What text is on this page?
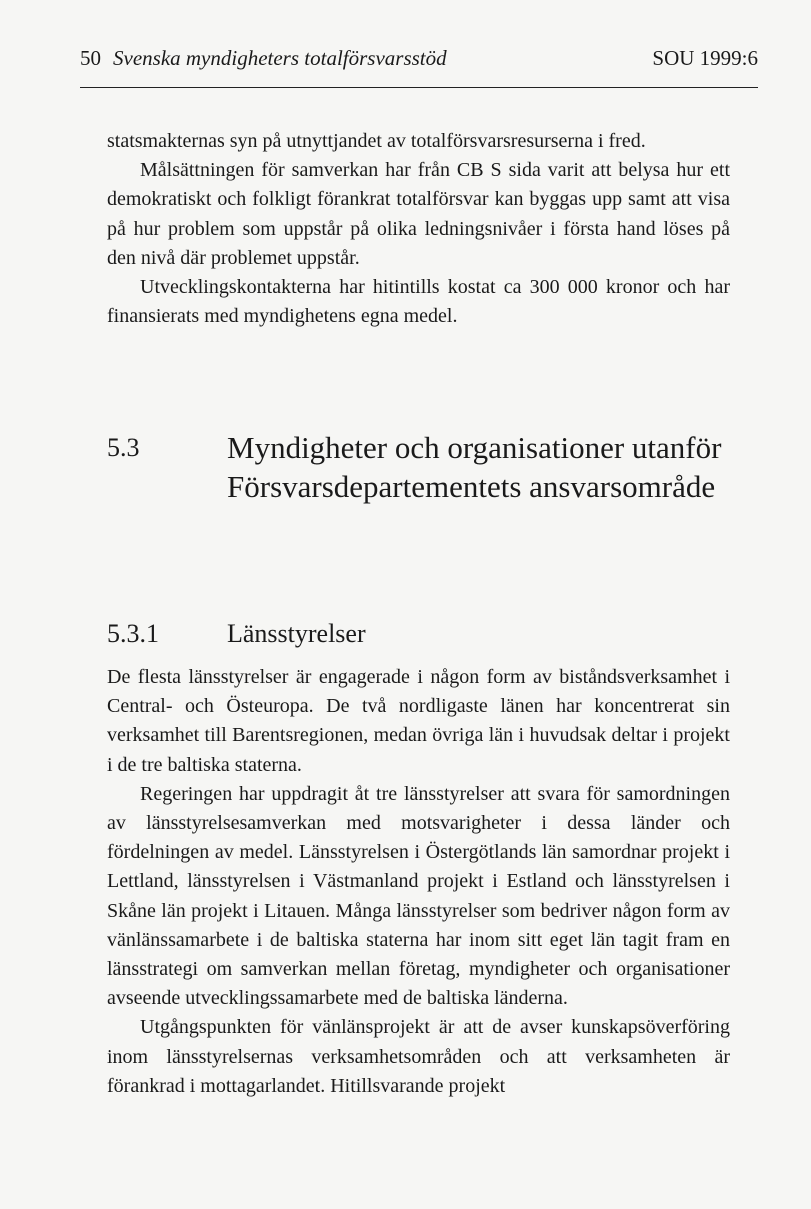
50 Svenska myndigheters totalförsvarsstöd	SOU 1999:6

statsmakternas syn på utnyttjandet av totalförsvarsresurserna i fred.

Målsättningen för samverkan har från CB S sida varit att belysa hur ett demokratiskt och folkligt förankrat totalförsvar kan byggas upp samt att visa på hur problem som uppstår på olika ledningsnivåer i första hand löses på den nivå där problemet uppstår.

Utvecklingskontakterna har hitintills kostat ca 300 000 kronor och har finansierats med myndighetens egna medel.

5.3	Myndigheter och organisationer utanför Försvarsdepartementets ansvarsområde
5.3.1	Länsstyrelser

De flesta länsstyrelser är engagerade i någon form av biståndsverksamhet i Central- och Östeuropa. De två nordligaste länen har koncentrerat sin verksamhet till Barentsregionen, medan övriga län i huvudsak deltar i projekt i de tre baltiska staterna.

Regeringen har uppdragit åt tre länsstyrelser att svara för samordningen av länsstyrelsesamverkan med motsvarigheter i dessa länder och fördelningen av medel. Länsstyrelsen i Östergötlands län samordnar projekt i Lettland, länsstyrelsen i Västmanland projekt i Estland och länsstyrelsen i Skåne län projekt i Litauen. Många länsstyrelser som bedriver någon form av vänlänssamarbete i de baltiska staterna har inom sitt eget län tagit fram en länsstrategi om samverkan mellan företag, myndigheter och organisationer avseende utvecklingssamarbete med de baltiska länderna.

Utgångspunkten för vänlänsprojekt är att de avser kunskapsöverföring inom länsstyrelsernas verksamhetsområden och att verksamheten är förankrad i mottagarlandet. Hitillsvarande projekt
